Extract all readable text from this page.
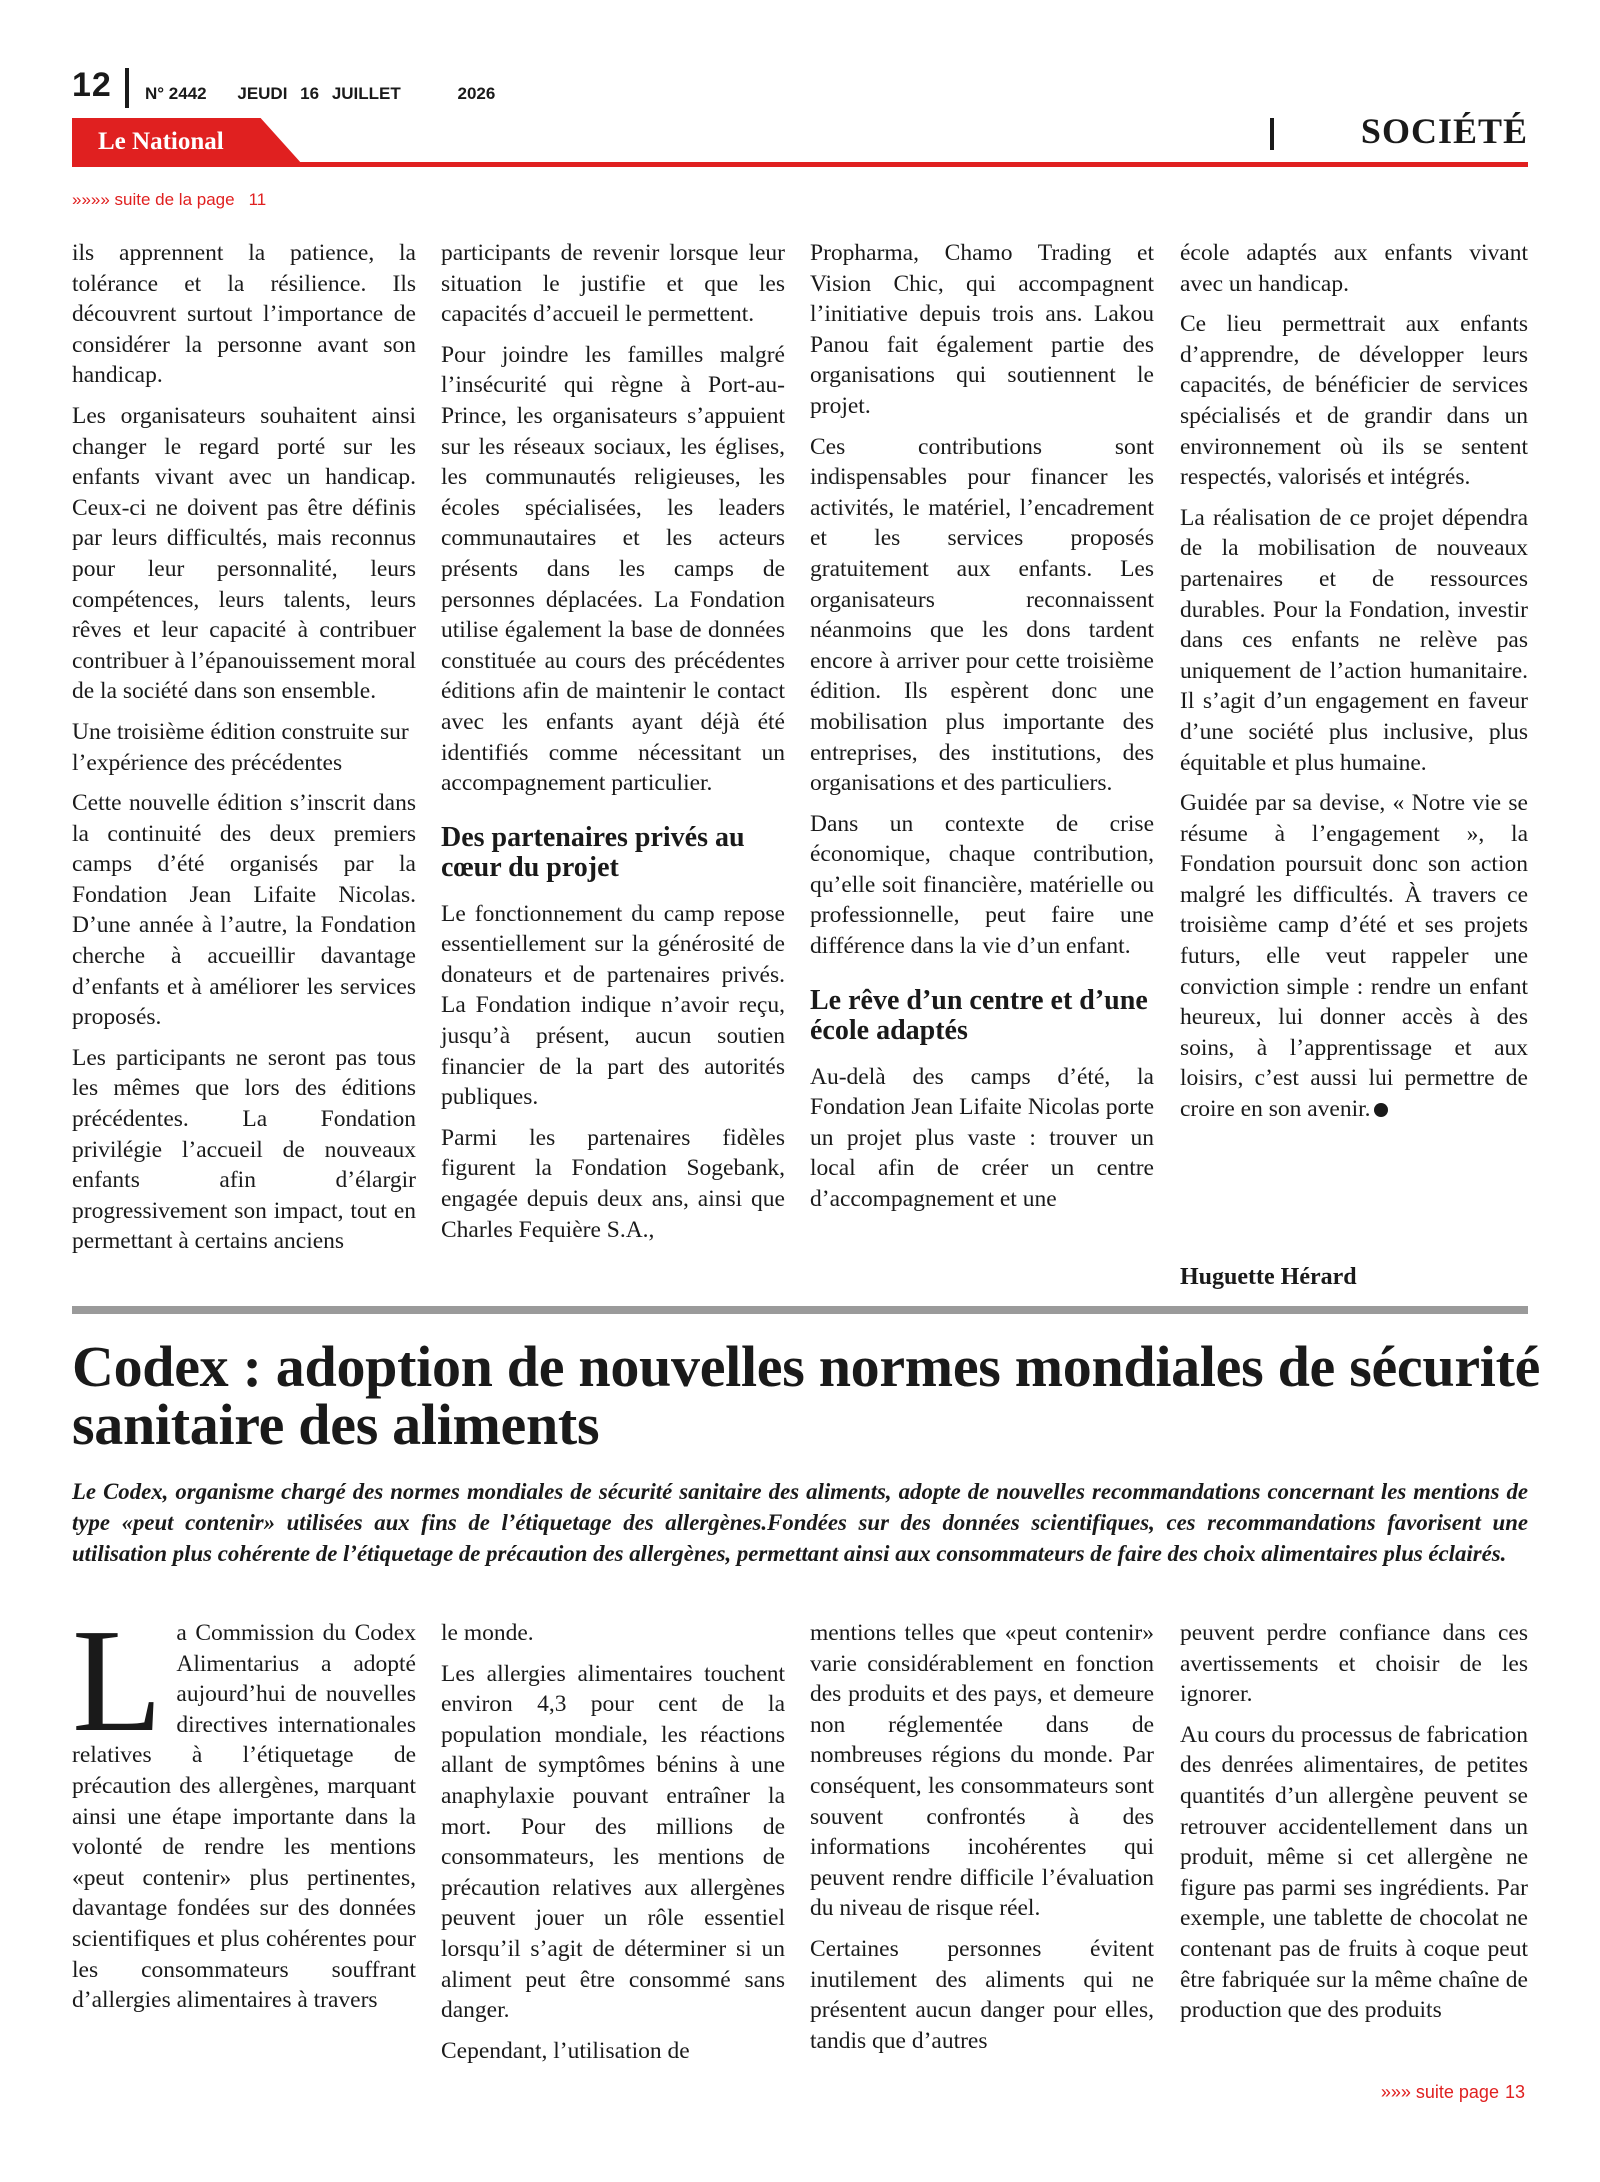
12 N° 2442 JEUDI 16 JUILLET	2026
Le National	SOCIÉTÉ
»»»» suite de la page 11

ils apprennent la patience, la tolérance et la résilience. Ils découvrent surtout l’importance de considérer la personne avant son handicap.

Les organisateurs souhaitent ainsi changer le regard porté sur les enfants vivant avec un handicap. Ceux-ci ne doivent pas être définis par leurs difficultés, mais reconnus pour leur personnalité, leurs compétences, leurs talents, leurs rêves et leur capacité à contribuer contribuer à l’épanouissement moral de la société dans son ensemble.

Une troisième édition construite sur l’expérience des précédentes

Cette nouvelle édition s’inscrit dans la continuité des deux premiers camps d’été organisés par la Fondation Jean Lifaite Nicolas. D’une année à l’autre, la Fondation cherche à accueillir davantage d’enfants et à améliorer les services proposés.

Les participants ne seront pas tous les mêmes que lors des éditions précédentes. La Fondation privilégie l’accueil de nouveaux enfants afin d’élargir progressivement son impact, tout en permettant à certains anciens

participants de revenir lorsque leur situation le justifie et que les capacités d’accueil le permettent.

Pour joindre les familles malgré l’insécurité qui règne à Port-au-Prince, les organisateurs s’appuient sur les réseaux sociaux, les églises, les communautés religieuses, les écoles spécialisées, les leaders communautaires et les acteurs présents dans les camps de personnes déplacées. La Fondation utilise également la base de données constituée au cours des précédentes éditions afin de maintenir le contact avec les enfants ayant déjà été identifiés comme nécessitant un accompagnement particulier.

Des partenaires privés au cœur du projet

Le fonctionnement du camp repose essentiellement sur la générosité de donateurs et de partenaires privés. La Fondation indique n’avoir reçu, jusqu’à présent, aucun soutien financier de la part des autorités publiques.

Parmi les partenaires fidèles figurent la Fondation Sogebank, engagée depuis deux ans, ainsi que Charles Fequière S.A.,

Propharma, Chamo Trading et Vision Chic, qui accompagnent l’initiative depuis trois ans. Lakou Panou fait également partie des organisations qui soutiennent le projet.

Ces contributions sont indispensables pour financer les activités, le matériel, l’encadrement et les services proposés gratuitement aux enfants. Les organisateurs reconnaissent néanmoins que les dons tardent encore à arriver pour cette troisième édition. Ils espèrent donc une mobilisation plus importante des entreprises, des institutions, des organisations et des particuliers.

Dans un contexte de crise économique, chaque contribution, qu’elle soit financière, matérielle ou professionnelle, peut faire une différence dans la vie d’un enfant.

Le rêve d’un centre et d’une école adaptés

Au-delà des camps d’été, la Fondation Jean Lifaite Nicolas porte un projet plus vaste : trouver un local afin de créer un centre d’accompagnement et une

école adaptés aux enfants vivant avec un handicap.

Ce lieu permettrait aux enfants d’apprendre, de développer leurs capacités, de bénéficier de services spécialisés et de grandir dans un environnement où ils se sentent respectés, valorisés et intégrés.

La réalisation de ce projet dépendra de la mobilisation de nouveaux partenaires et de ressources durables. Pour la Fondation, investir dans ces enfants ne relève pas uniquement de l’action humanitaire. Il s’agit d’un engagement en faveur d’une société plus inclusive, plus équitable et plus humaine.

Guidée par sa devise, « Notre vie se résume à l’engagement », la Fondation poursuit donc son action malgré les difficultés. À travers ce troisième camp d’été et ses projets futurs, elle veut rappeler une conviction simple : rendre un enfant heureux, lui donner accès à des soins, à l’apprentissage et aux loisirs, c’est aussi lui permettre de croire en son avenir.

Huguette Hérard
Codex : adoption de nouvelles normes mondiales de sécurité sanitaire des aliments
Le Codex, organisme chargé des normes mondiales de sécurité sanitaire des aliments, adopte de nouvelles recommandations concernant les mentions de type «peut contenir» utilisées aux fins de l’étiquetage des allergènes.Fondées sur des données scientifiques, ces recommandations favorisent une utilisation plus cohérente de l’étiquetage de précaution des allergènes, permettant ainsi aux consommateurs de faire des choix alimentaires plus éclairés.

La Commission du Codex Alimentarius a adopté aujourd’hui de nouvelles directives internationales relatives à l’étiquetage de précaution des allergènes, marquant ainsi une étape importante dans la volonté de rendre les mentions «peut contenir» plus pertinentes, davantage fondées sur des données scientifiques et plus cohérentes pour les consommateurs souffrant d’allergies alimentaires à travers

le monde.

Les allergies alimentaires touchent environ 4,3 pour cent de la population mondiale, les réactions allant de symptômes bénins à une anaphylaxie pouvant entraîner la mort. Pour des millions de consommateurs, les mentions de précaution relatives aux allergènes peuvent jouer un rôle essentiel lorsqu’il s’agit de déterminer si un aliment peut être consommé sans danger.

Cependant, l’utilisation de

mentions telles que «peut contenir» varie considérablement en fonction des produits et des pays, et demeure non réglementée dans de nombreuses régions du monde. Par conséquent, les consommateurs sont souvent confrontés à des informations incohérentes qui peuvent rendre difficile l’évaluation du niveau de risque réel.

Certaines personnes évitent inutilement des aliments qui ne présentent aucun danger pour elles, tandis que d’autres

peuvent perdre confiance dans ces avertissements et choisir de les ignorer.

Au cours du processus de fabrication des denrées alimentaires, de petites quantités d’un allergène peuvent se retrouver accidentellement dans un produit, même si cet allergène ne figure pas parmi ses ingrédients. Par exemple, une tablette de chocolat ne contenant pas de fruits à coque peut être fabriquée sur la même chaîne de production que des produits

»»» suite page 13
